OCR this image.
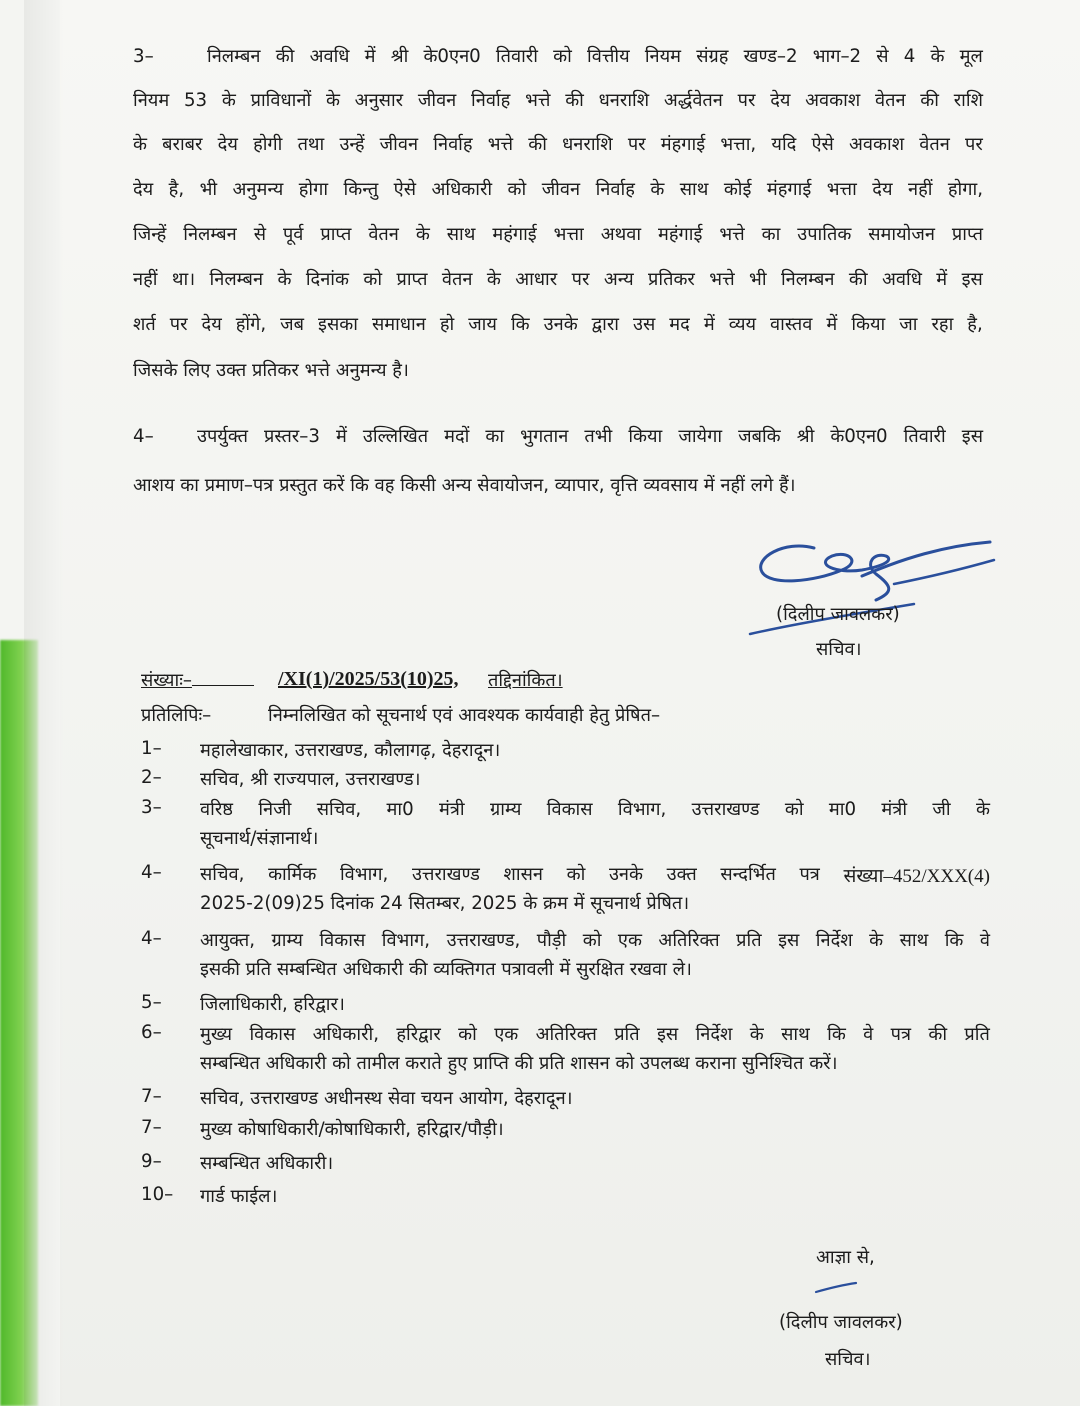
3–	निलम्बन की अवधि में श्री के0एन0 तिवारी को वित्तीय नियम संग्रह खण्ड–2 भाग–2 से 4 के मूल
नियम 53 के प्राविधानों के अनुसार जीवन निर्वाह भत्ते की धनराशि अर्द्धवेतन पर देय अवकाश वेतन की राशि
के बराबर देय होगी तथा उन्हें जीवन निर्वाह भत्ते की धनराशि पर मंहगाई भत्ता, यदि ऐसे अवकाश वेतन पर
देय है, भी अनुमन्य होगा किन्तु ऐसे अधिकारी को जीवन निर्वाह के साथ कोई मंहगाई भत्ता देय नहीं होगा,
जिन्हें निलम्बन से पूर्व प्राप्त वेतन के साथ महंगाई भत्ता अथवा महंगाई भत्ते का उपातिक समायोजन प्राप्त
नहीं था। निलम्बन के दिनांक को प्राप्त वेतन के आधार पर अन्य प्रतिकर भत्ते भी निलम्बन की अवधि में इस
शर्त पर देय होंगे, जब इसका समाधान हो जाय कि उनके द्वारा उस मद में व्यय वास्तव में किया जा रहा है,
जिसके लिए उक्त प्रतिकर भत्ते अनुमन्य है।
4– उपर्युक्त प्रस्तर–3 में उल्लिखित मदों का भुगतान तभी किया जायेगा जबकि श्री के0एन0 तिवारी इस
आशय का प्रमाण–पत्र प्रस्तुत करें कि वह किसी अन्य सेवायोजन, व्यापार, वृत्ति व्यवसाय में नहीं लगे हैं।
(दिलीप जावलकर)
सचिव।
संख्याः–	/XI(1)/2025/53(10)25, तद्दिनांकित।
प्रतिलिपिः–	निम्नलिखित को सूचनार्थ एवं आवश्यक कार्यवाही हेतु प्रेषित–
1–	महालेखाकार, उत्तराखण्ड, कौलागढ़, देहरादून।
2–	सचिव, श्री राज्यपाल, उत्तराखण्ड।
3–	वरिष्ठ निजी सचिव, मा0 मंत्री ग्राम्य विकास विभाग, उत्तराखण्ड को मा0 मंत्री जी के
सूचनार्थ/संज्ञानार्थ।
4–	सचिव, कार्मिक विभाग, उत्तराखण्ड शासन को उनके उक्त सन्दर्भित पत्र संख्या–452/XXX(4)
2025-2(09)25 दिनांक 24 सितम्बर, 2025 के क्रम में सूचनार्थ प्रेषित।
4–	आयुक्त, ग्राम्य विकास विभाग, उत्तराखण्ड, पौड़ी को एक अतिरिक्त प्रति इस निर्देश के साथ कि वे
इसकी प्रति सम्बन्धित अधिकारी की व्यक्तिगत पत्रावली में सुरक्षित रखवा ले।
5–	जिलाधिकारी, हरिद्वार।
6–	मुख्य विकास अधिकारी, हरिद्वार को एक अतिरिक्त प्रति इस निर्देश के साथ कि वे पत्र की प्रति
सम्बन्धित अधिकारी को तामील कराते हुए प्राप्ति की प्रति शासन को उपलब्ध कराना सुनिश्चित करें।
7–	सचिव, उत्तराखण्ड अधीनस्थ सेवा चयन आयोग, देहरादून।
7–	मुख्य कोषाधिकारी/कोषाधिकारी, हरिद्वार/पौड़ी।
9–	सम्बन्धित अधिकारी।
10–	गार्ड फाईल।
आज्ञा से,
(दिलीप जावलकर)
सचिव।
